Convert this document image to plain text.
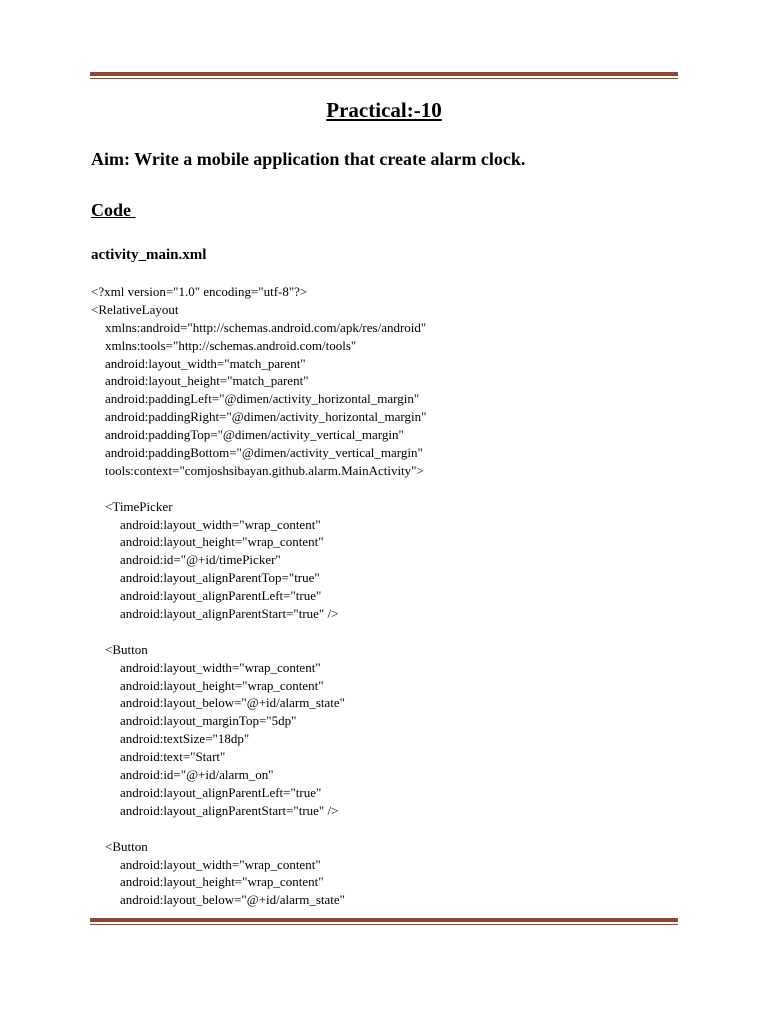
Practical:-10
Aim: Write a mobile application that create alarm clock.
Code
activity_main.xml
<?xml version="1.0" encoding="utf-8"?>
<RelativeLayout
xmlns:android="http://schemas.android.com/apk/res/android"
xmlns:tools="http://schemas.android.com/tools"
android:layout_width="match_parent"
android:layout_height="match_parent"
android:paddingLeft="@dimen/activity_horizontal_margin"
android:paddingRight="@dimen/activity_horizontal_margin"
android:paddingTop="@dimen/activity_vertical_margin"
android:paddingBottom="@dimen/activity_vertical_margin"
tools:context="comjoshsibayan.github.alarm.MainActivity">
<TimePicker
android:layout_width="wrap_content"
android:layout_height="wrap_content"
android:id="@+id/timePicker"
android:layout_alignParentTop="true"
android:layout_alignParentLeft="true"
android:layout_alignParentStart="true" />
<Button
android:layout_width="wrap_content"
android:layout_height="wrap_content"
android:layout_below="@+id/alarm_state"
android:layout_marginTop="5dp"
android:textSize="18dp"
android:text="Start"
android:id="@+id/alarm_on"
android:layout_alignParentLeft="true"
android:layout_alignParentStart="true" />
<Button
android:layout_width="wrap_content"
android:layout_height="wrap_content"
android:layout_below="@+id/alarm_state"
